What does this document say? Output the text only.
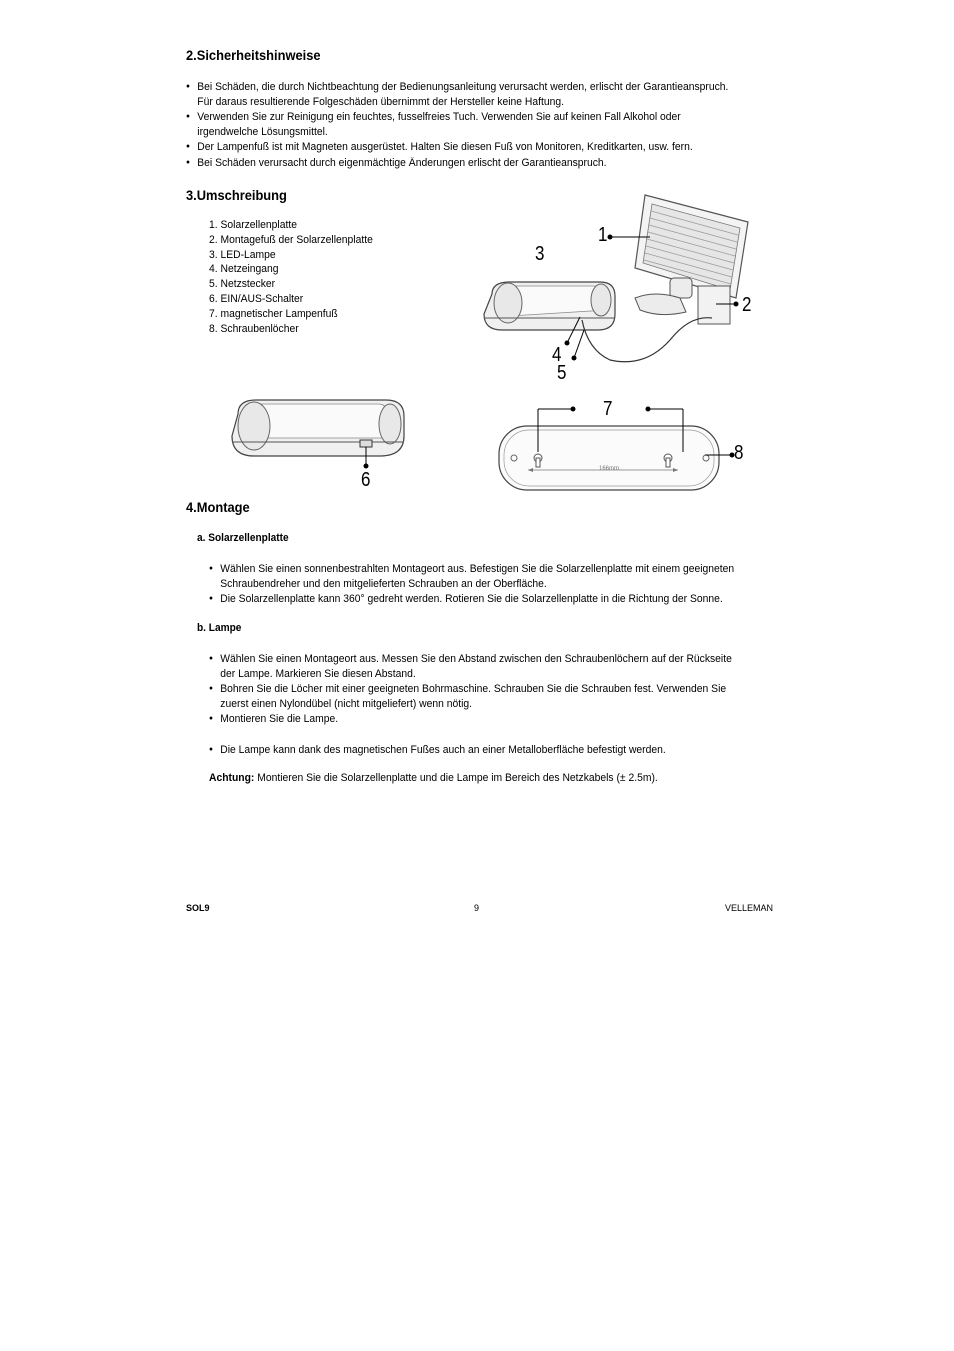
2.Sicherheitshinweise
● Bei Schäden, die durch Nichtbeachtung der Bedienungsanleitung verursacht werden, erlischt der Garantieanspruch. Für daraus resultierende Folgeschäden übernimmt der Hersteller keine Haftung.
● Verwenden Sie zur Reinigung ein feuchtes, fusselfreies Tuch. Verwenden Sie auf keinen Fall Alkohol oder irgendwelche Lösungsmittel.
● Der Lampenfuß ist mit Magneten ausgerüstet. Halten Sie diesen Fuß von Monitoren, Kreditkarten, usw. fern.
● Bei Schäden verursacht durch eigenmächtige Änderungen erlischt der Garantieanspruch.
3.Umschreibung
1. Solarzellenplatte
2. Montagefuß der Solarzellenplatte
3. LED-Lampe
4. Netzeingang
5. Netzstecker
6. EIN/AUS-Schalter
7. magnetischer Lampenfuß
8. Schraubenlöcher
1
2
3
4
5
6	166mm
7
8
4.Montage
a. Solarzellenplatte
● Wählen Sie einen sonnenbestrahlten Montageort aus. Befestigen Sie die Solarzellenplatte mit einem geeigneten Schraubendreher und den mitgelieferten Schrauben an der Oberfläche.
● Die Solarzellenplatte kann 360° gedreht werden. Rotieren Sie die Solarzellenplatte in die Richtung der Sonne.
b. Lampe
● Wählen Sie einen Montageort aus. Messen Sie den Abstand zwischen den Schraubenlöchern auf der Rückseite der Lampe. Markieren Sie diesen Abstand.
● Bohren Sie die Löcher mit einer geeigneten Bohrmaschine. Schrauben Sie die Schrauben fest. Verwenden Sie zuerst einen Nylondübel (nicht mitgeliefert) wenn nötig.
● Montieren Sie die Lampe.
● Die Lampe kann dank des magnetischen Fußes auch an einer Metalloberfläche befestigt werden.

Achtung: Montieren Sie die Solarzellenplatte und die Lampe im Bereich des Netzkabels (± 2.5m).

SOL9	9	VELLEMAN
